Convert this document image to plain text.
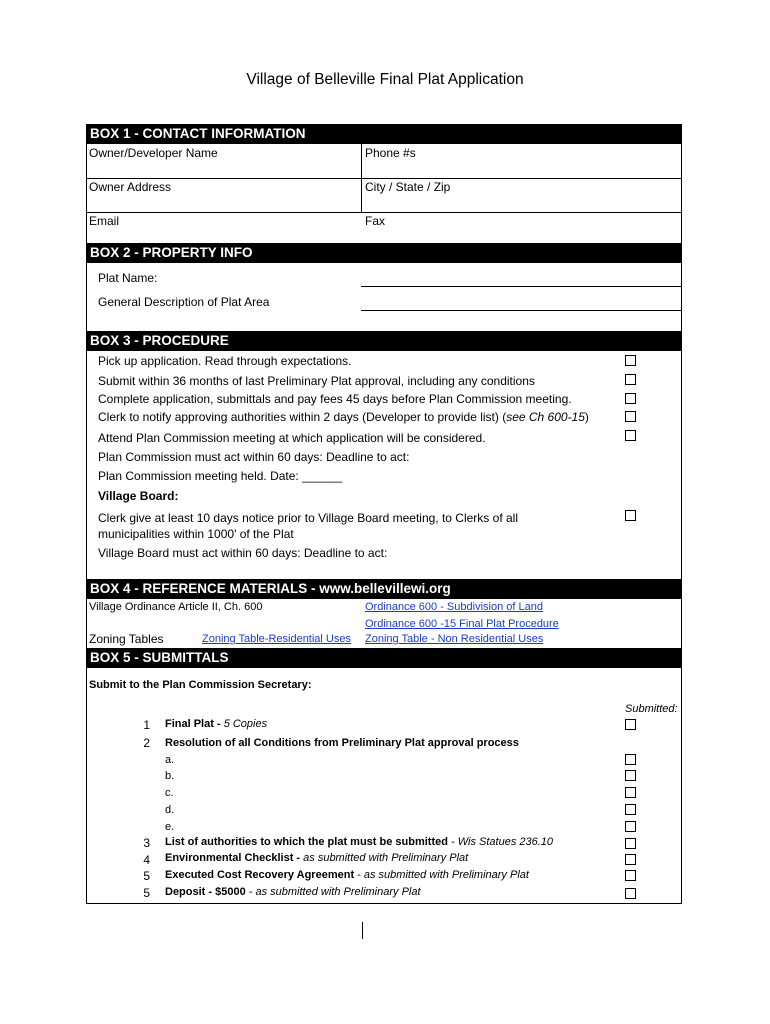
Village of Belleville Final Plat Application
BOX 1 - CONTACT INFORMATION
Owner/Developer Name	Phone #s
Owner Address	City / State / Zip
Email	Fax
BOX 2 - PROPERTY INFO
Plat Name:
General Description of Plat Area
BOX 3 - PROCEDURE
Pick up application. Read through expectations.
Submit within 36 months of last Preliminary Plat approval, including any conditions
Complete application, submittals and pay fees 45 days before Plan Commission meeting.
Clerk to notify approving authorities within 2 days (Developer to provide list) (see Ch 600-15)
Attend Plan Commission meeting at which application will be considered.
Plan Commission must act within 60 days: Deadline to act:
Plan Commission meeting held. Date: ______
Village Board:
Clerk give at least 10 days notice prior to Village Board meeting, to Clerks of all
municipalities within 1000' of the Plat
Village Board must act within 60 days: Deadline to act:
BOX 4 - REFERENCE MATERIALS - www.bellevillewi.org
Village Ordinance Article II, Ch. 600	Ordinance 600 - Subdivision of Land
Ordinance 600 -15 Final Plat Procedure
Zoning Tables	Zoning Table-Residential Uses Zoning Table - Non Residential Uses
BOX 5 - SUBMITTALS
Submit to the Plan Commission Secretary:
Submitted:
1 Final Plat - 5 Copies
2 Resolution of all Conditions from Preliminary Plat approval process
a.
b.
c.
d.
e.
3 List of authorities to which the plat must be submitted - Wis Statues 236.10
4 Environmental Checklist - as submitted with Preliminary Plat
5 Executed Cost Recovery Agreement - as submitted with Preliminary Plat
5 Deposit - $5000 - as submitted with Preliminary Plat
